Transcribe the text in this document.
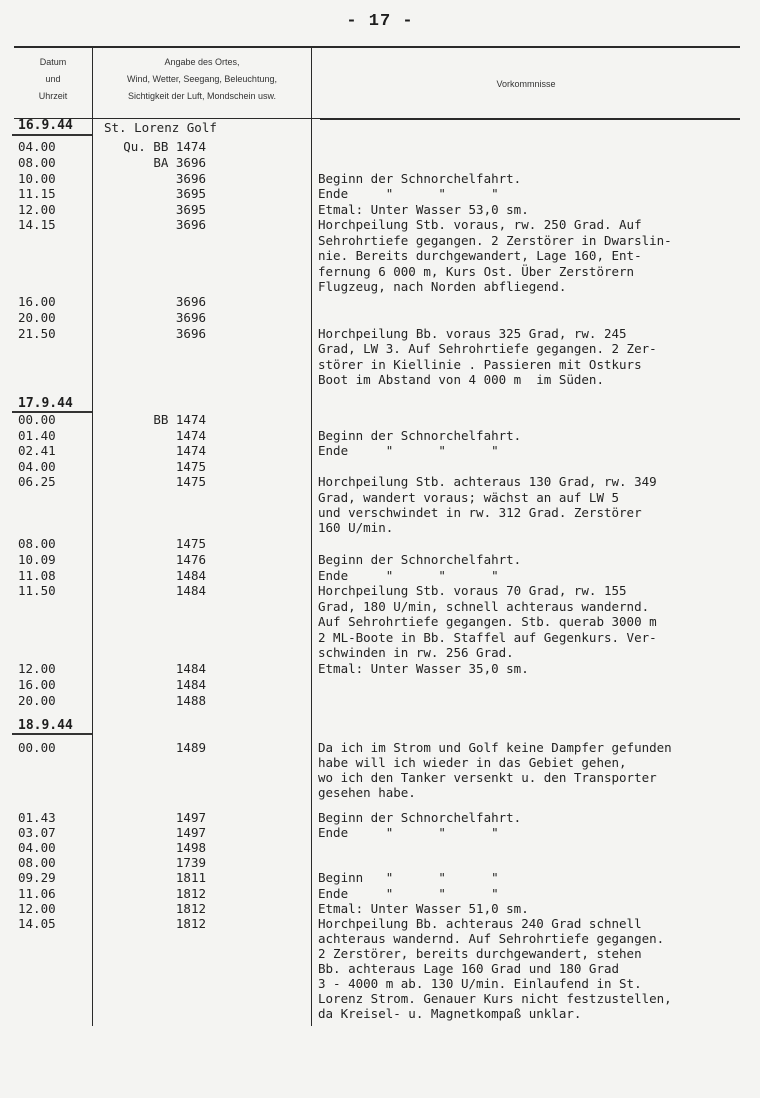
- 17 -
Datum
und
Uhrzeit
Angabe des Ortes,
Wind, Wetter, Seegang, Beleuchtung,
Sichtigkeit der Luft, Mondschein usw.
Vorkommnisse
16.9.44 St. Lorenz Golf
17.9.44
18.9.44
04.00
08.00
10.00
11.15
12.00
14.15
16.00
20.00
21.50
00.00
01.40
02.41
04.00
06.25
08.00
10.09
11.08
11.50
12.00
16.00
20.00
00.00
01.43
03.07
04.00
08.00
09.29
11.06
12.00
14.05
Qu. BB 1474
BA 3696
3696
3695
3695
3696
3696
3696
3696
BB 1474
1474
1474
1475
1475
1475
1476
1484
1484
1484
1484
1488
1489
1497
1497
1498
1739
1811
1812
1812
1812
Beginn der Schnorchelfahrt.
Ende     "      "      "
Etmal: Unter Wasser 53,0 sm.
Horchpeilung Stb. voraus, rw. 250 Grad. Auf
Sehrohrtiefe gegangen. 2 Zerstörer in Dwarslin-
nie. Bereits durchgewandert, Lage 160, Ent-
fernung 6 000 m, Kurs Ost. Über Zerstörern
Flugzeug, nach Norden abfliegend.
Horchpeilung Bb. voraus 325 Grad, rw. 245
Grad, LW 3. Auf Sehrohrtiefe gegangen. 2 Zer-
störer in Kiellinie . Passieren mit Ostkurs
Boot im Abstand von 4 000 m  im Süden.
Beginn der Schnorchelfahrt.
Ende     "      "      "
Horchpeilung Stb. achteraus 130 Grad, rw. 349
Grad, wandert voraus; wächst an auf LW 5
und verschwindet in rw. 312 Grad. Zerstörer
160 U/min.
Beginn der Schnorchelfahrt.
Ende     "      "      "
Horchpeilung Stb. voraus 70 Grad, rw. 155
Grad, 180 U/min, schnell achteraus wandernd.
Auf Sehrohrtiefe gegangen. Stb. querab 3000 m
2 ML-Boote in Bb. Staffel auf Gegenkurs. Ver-
schwinden in rw. 256 Grad.
Etmal: Unter Wasser 35,0 sm.
Da ich im Strom und Golf keine Dampfer gefunden
habe will ich wieder in das Gebiet gehen,
wo ich den Tanker versenkt u. den Transporter
gesehen habe.
Beginn der Schnorchelfahrt.
Ende     "      "      "
Beginn   "      "      "
Ende     "      "      "
Etmal: Unter Wasser 51,0 sm.
Horchpeilung Bb. achteraus 240 Grad schnell
achteraus wandernd. Auf Sehrohrtiefe gegangen.
2 Zerstörer, bereits durchgewandert, stehen
Bb. achteraus Lage 160 Grad und 180 Grad
3 - 4000 m ab. 130 U/min. Einlaufend in St.
Lorenz Strom. Genauer Kurs nicht festzustellen,
da Kreisel- u. Magnetkompaß unklar.
